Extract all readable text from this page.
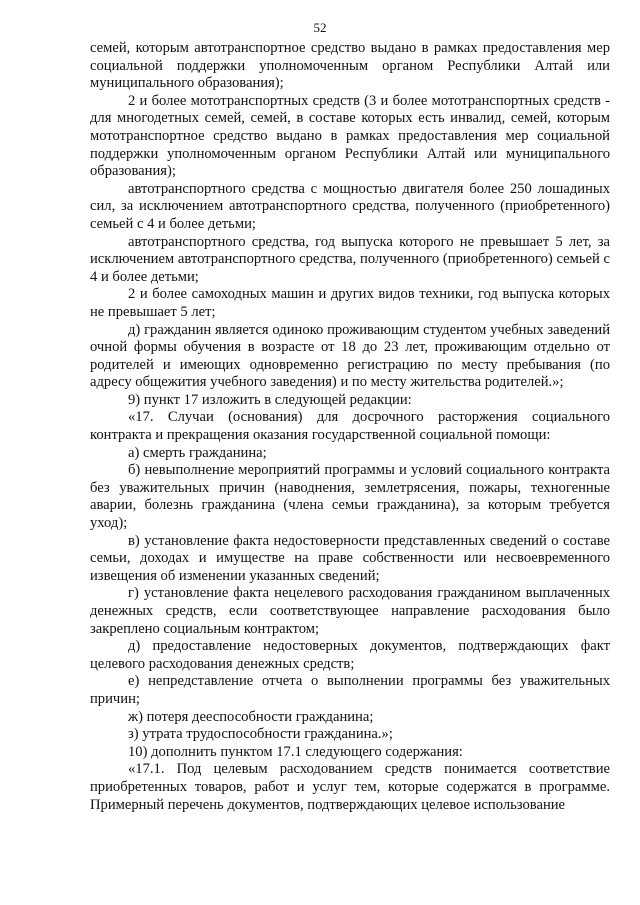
52

семей, которым автотранспортное средство выдано в рамках предоставления мер социальной поддержки уполномоченным органом Республики Алтай или муниципального образования);

2 и более мототранспортных средств (3 и более мототранспортных средств - для многодетных семей, семей, в составе которых есть инвалид, семей, которым мототранспортное средство выдано в рамках предоставления мер социальной поддержки уполномоченным органом Республики Алтай или муниципального образования);

автотранспортного средства с мощностью двигателя более 250 лошадиных сил, за исключением автотранспортного средства, полученного (приобретенного) семьей с 4 и более детьми;

автотранспортного средства, год выпуска которого не превышает 5 лет, за исключением автотранспортного средства, полученного (приобретенного) семьей с 4 и более детьми;

2 и более самоходных машин и других видов техники, год выпуска которых не превышает 5 лет;

д) гражданин является одиноко проживающим студентом учебных заведений очной формы обучения в возрасте от 18 до 23 лет, проживающим отдельно от родителей и имеющих одновременно регистрацию по месту пребывания (по адресу общежития учебного заведения) и по месту жительства родителей.»;

9) пункт 17 изложить в следующей редакции:

«17. Случаи (основания) для досрочного расторжения социального контракта и прекращения оказания государственной социальной помощи:

а) смерть гражданина;

б) невыполнение мероприятий программы и условий социального контракта без уважительных причин (наводнения, землетрясения, пожары, техногенные аварии, болезнь гражданина (члена семьи гражданина), за которым требуется уход);

в) установление факта недостоверности представленных сведений о составе семьи, доходах и имуществе на праве собственности или несвоевременного извещения об изменении указанных сведений;

г) установление факта нецелевого расходования гражданином выплаченных денежных средств, если соответствующее направление расходования было закреплено социальным контрактом;

д) предоставление недостоверных документов, подтверждающих факт целевого расходования денежных средств;

е) непредставление отчета о выполнении программы без уважительных причин;

ж) потеря дееспособности гражданина;

з) утрата трудоспособности гражданина.»;

10) дополнить пунктом 17.1 следующего содержания:

«17.1. Под целевым расходованием средств понимается соответствие приобретенных товаров, работ и услуг тем, которые содержатся в программе. Примерный перечень документов, подтверждающих целевое использование
